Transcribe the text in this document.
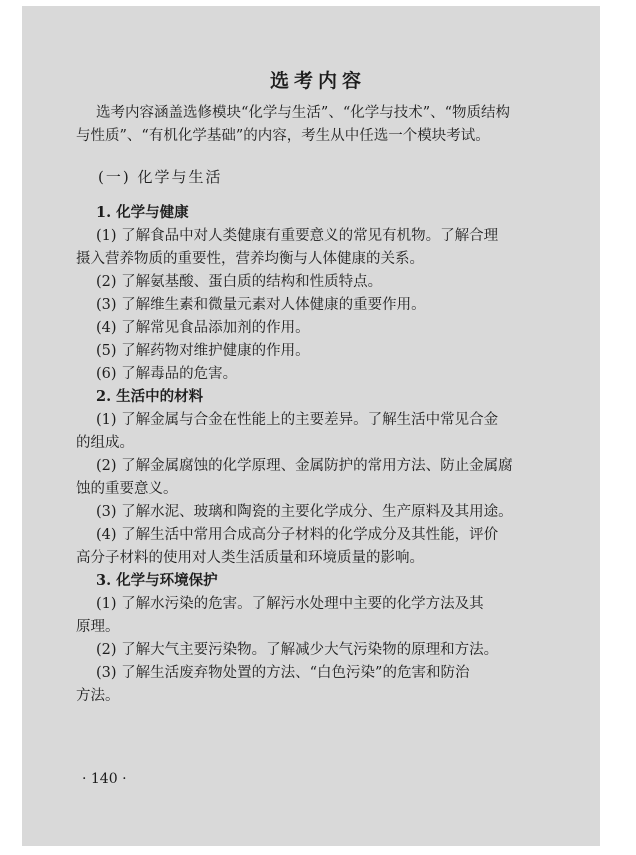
选考内容
选考内容涵盖选修模块“化学与生活”、“化学与技术”、“物质结构
与性质”、“有机化学基础”的内容，考生从中任选一个模块考试。
(一) 化学与生活
1. 化学与健康
(1) 了解食品中对人类健康有重要意义的常见有机物。了解合理
摄入营养物质的重要性，营养均衡与人体健康的关系。
(2) 了解氨基酸、蛋白质的结构和性质特点。
(3) 了解维生素和微量元素对人体健康的重要作用。
(4) 了解常见食品添加剂的作用。
(5) 了解药物对维护健康的作用。
(6) 了解毒品的危害。
2. 生活中的材料
(1) 了解金属与合金在性能上的主要差异。了解生活中常见合金
的组成。
(2) 了解金属腐蚀的化学原理、金属防护的常用方法、防止金属腐
蚀的重要意义。
(3) 了解水泥、玻璃和陶瓷的主要化学成分、生产原料及其用途。
(4) 了解生活中常用合成高分子材料的化学成分及其性能，评价
高分子材料的使用对人类生活质量和环境质量的影响。
3. 化学与环境保护
(1) 了解水污染的危害。了解污水处理中主要的化学方法及其
原理。
(2) 了解大气主要污染物。了解减少大气污染物的原理和方法。
(3) 了解生活废弃物处置的方法、“白色污染”的危害和防治
方法。
· 140 ·
